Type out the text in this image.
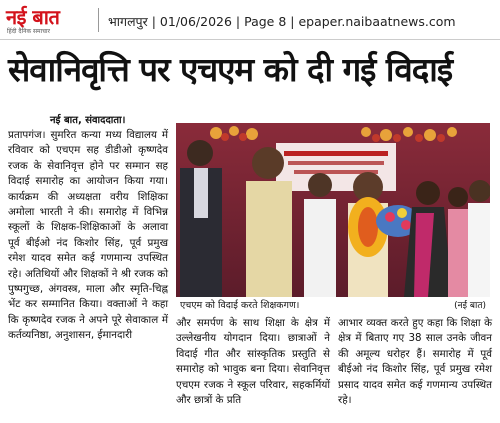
नई बात
हिंदी दैनिक समाचार
भागलपुर | 01/06/2026 | Page 8 | epaper.naibaatnews.com
सेवानिवृत्ति पर एचएम को दी गई विदाई
नई बात, संवाददाता।

प्रतापगंज। सुमरित कन्या मध्य विद्यालय में रविवार को एचएम सह डीडीओ कृष्णदेव रजक के सेवानिवृत्त होने पर सम्मान सह विदाई समारोह का आयोजन किया गया। कार्यक्रम की अध्यक्षता वरीय शिक्षिका अमोला भारती ने की। समारोह में विभिन्न स्कूलों के शिक्षक-शिक्षिकाओं के अलावा पूर्व बीईओ नंद किशोर सिंह, पूर्व प्रमुख रमेश यादव समेत कई गणमान्य उपस्थित रहे। अतिथियों और शिक्षकों ने श्री रजक को पुष्पगुच्छ, अंगवस्त्र, माला और स्मृति-चिह्न भेंट कर सम्मानित किया। वक्ताओं ने कहा कि कृष्णदेव रजक ने अपने पूरे सेवाकाल में कर्तव्यनिष्ठा, अनुशासन, ईमानदारी

एचएम को विदाई करते शिक्षकगण।	(नई बात)
और समर्पण के साथ शिक्षा के क्षेत्र में उल्लेखनीय योगदान दिया। छात्राओं ने विदाई गीत और सांस्कृतिक प्रस्तुति से समारोह को भावुक बना दिया। सेवानिवृत्त एचएम रजक ने स्कूल परिवार, सहकर्मियों और छात्रों के प्रति
आभार व्यक्त करते हुए कहा कि शिक्षा के क्षेत्र में बिताए गए 38 साल उनके जीवन की अमूल्य धरोहर हैं। समारोह में पूर्व बीईओ नंद किशोर सिंह, पूर्व प्रमुख रमेश प्रसाद यादव समेत कई गणमान्य उपस्थित रहे।
